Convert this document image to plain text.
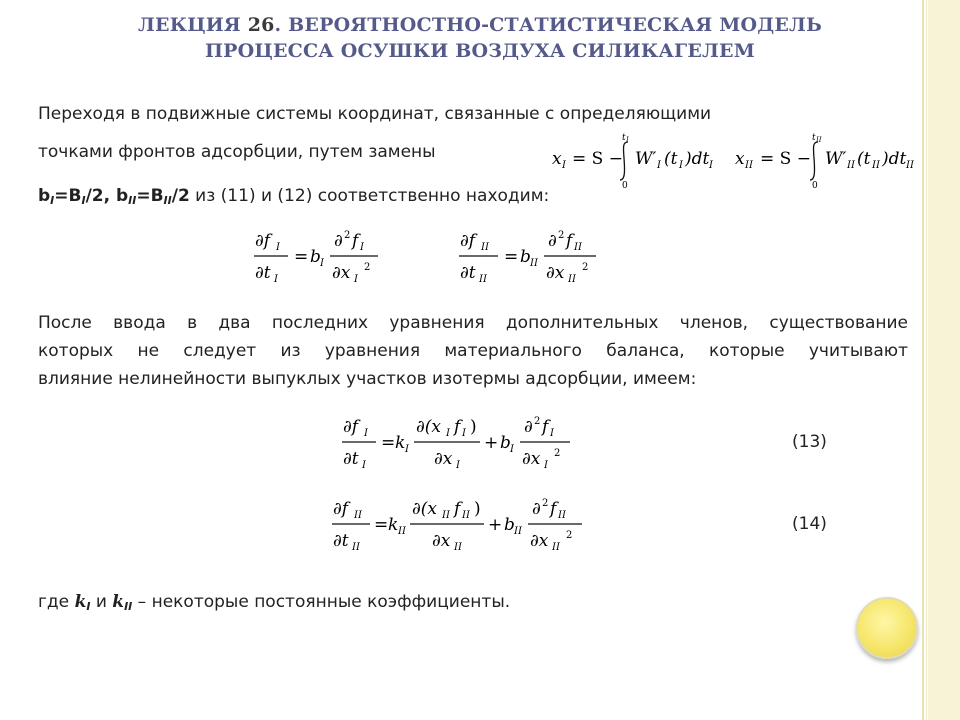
ЛЕКЦИЯ 26. ВЕРОЯТНОСТНО-СТАТИСТИЧЕСКАЯ МОДЕЛЬ
ПРОЦЕССА ОСУШКИ ВОЗДУХА СИЛИКАГЕЛЕМ
Переходя в подвижные системы координат, связанные с определяющими
точками фронтов адсорбции, путем замены	x I = S −
t I
0
W′ I (t I )dt I x II = S −
t II
0
W′ II (t II )dt II
$b_I=B_I/2$, $b_{II}=B_{II}/2$ из (11) и (12) соответственно находим:
∂f I
∂t I
= b I
∂ 2 f I
∂x I
2
∂f II
∂t II
= b II
∂ 2 f II
∂x II
2
После ввода в два последних уравнения дополнительных членов, существование
которых не следует из уравнения материального баланса, которые учитывают
влияние нелинейности выпуклых участков изотермы адсорбции, имеем:
∂f I
∂t I
= k I
∂(x I f I )
∂x I
+ b I
∂ 2 f I
∂x I
2
(13)
∂f II
∂t II
= k II
∂(x II f II )
∂x II
+ b II
∂ 2 f II
∂x II
2
(14)
где $k_I$ и $k_{II}$ – некоторые постоянные коэффициенты.
